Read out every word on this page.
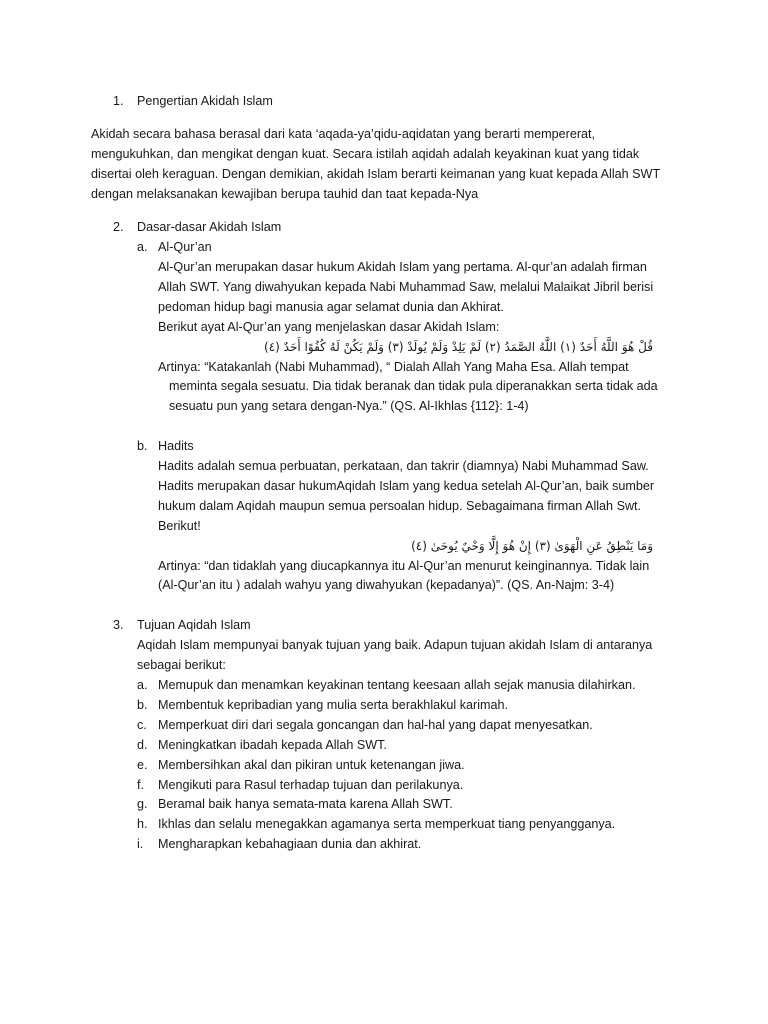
1. Pengertian Akidah Islam
Akidah secara bahasa berasal dari kata ‘aqada-ya’qidu-aqidatan yang berarti mempererat,
mengukuhkan, dan mengikat dengan kuat. Secara istilah aqidah adalah keyakinan kuat yang tidak
disertai oleh keraguan. Dengan demikian, akidah Islam berarti keimanan yang kuat kepada Allah SWT
dengan melaksanakan kewajiban berupa tauhid dan taat kepada-Nya
2. Dasar-dasar Akidah Islam
a. Al-Qur’an
Al-Qur’an merupakan dasar hukum Akidah Islam yang pertama. Al-qur’an adalah firman
Allah SWT. Yang diwahyukan kepada Nabi Muhammad Saw, melalui Malaikat Jibril berisi
pedoman hidup bagi manusia agar selamat dunia dan Akhirat.
Berikut ayat Al-Qur’an yang menjelaskan dasar Akidah Islam:
قُلْ هُوَ اللَّهُ أَحَدٌ (١) اللَّهُ الصَّمَدُ (٢) لَمْ يَلِدْ وَلَمْ يُولَدْ (٣) وَلَمْ يَكُنْ لَهُ كُفُوًا أَحَدٌ (٤)
Artinya: “Katakanlah (Nabi Muhammad), “ Dialah Allah Yang Maha Esa. Allah tempat
meminta segala sesuatu. Dia tidak beranak dan tidak pula diperanakkan serta tidak ada
sesuatu pun yang setara dengan-Nya.” (QS. Al-Ikhlas {112}: 1-4)
b. Hadits
Hadits adalah semua perbuatan, perkataan, dan takrir (diamnya) Nabi Muhammad Saw.
Hadits merupakan dasar hukumAqidah Islam yang kedua setelah Al-Qur’an, baik sumber
hukum dalam Aqidah maupun semua persoalan hidup. Sebagaimana firman Allah Swt.
Berikut!
وَمَا يَنْطِقُ عَنِ الْهَوَىٰ (٣) إِنْ هُوَ إِلَّا وَحْيٌ يُوحَىٰ (٤)
Artinya: “dan tidaklah yang diucapkannya itu Al-Qur’an menurut keinginannya. Tidak lain
(Al-Qur’an itu ) adalah wahyu yang diwahyukan (kepadanya)”. (QS. An-Najm: 3-4)
3. Tujuan Aqidah Islam
Aqidah Islam mempunyai banyak tujuan yang baik. Adapun tujuan akidah Islam di antaranya
sebagai berikut:
a. Memupuk dan menamkan keyakinan tentang keesaan allah sejak manusia dilahirkan.
b. Membentuk kepribadian yang mulia serta berakhlakul karimah.
c. Memperkuat diri dari segala goncangan dan hal-hal yang dapat menyesatkan.
d. Meningkatkan ibadah kepada Allah SWT.
e. Membersihkan akal dan pikiran untuk ketenangan jiwa.
f. Mengikuti para Rasul terhadap tujuan dan perilakunya.
g. Beramal baik hanya semata-mata karena Allah SWT.
h. Ikhlas dan selalu menegakkan agamanya serta memperkuat tiang penyangganya.
i. Mengharapkan kebahagiaan dunia dan akhirat.
